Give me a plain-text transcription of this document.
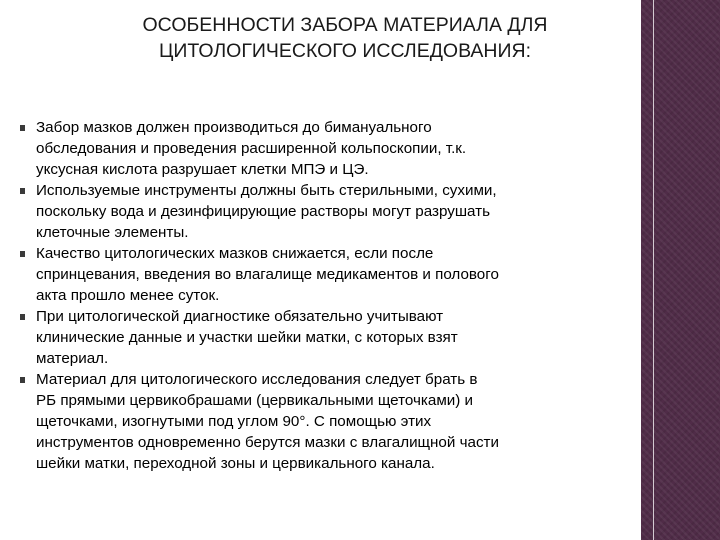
ОСОБЕННОСТИ ЗАБОРА МАТЕРИАЛА ДЛЯ
ЦИТОЛОГИЧЕСКОГО ИССЛЕДОВАНИЯ:
Забор мазков должен производиться до бимануального
обследования и проведения расширенной кольпоскопии, т.к.
уксусная кислота разрушает клетки МПЭ и ЦЭ.
Используемые инструменты должны быть стерильными, сухими,
поскольку вода и дезинфицирующие растворы могут разрушать
клеточные элементы.
Качество цитологических мазков снижается, если после
спринцевания, введения во влагалище медикаментов и полового
акта прошло менее суток.
При цитологической диагностике обязательно учитывают
клинические данные и участки шейки матки, с которых взят
материал.
Материал для цитологического исследования следует брать в
РБ прямыми цервикобрашами (цервикальными щеточками) и
щеточками, изогнутыми под углом 90°. С помощью этих
инструментов одновременно берутся мазки с влагалищной части
шейки матки, переходной зоны и цервикального канала.
